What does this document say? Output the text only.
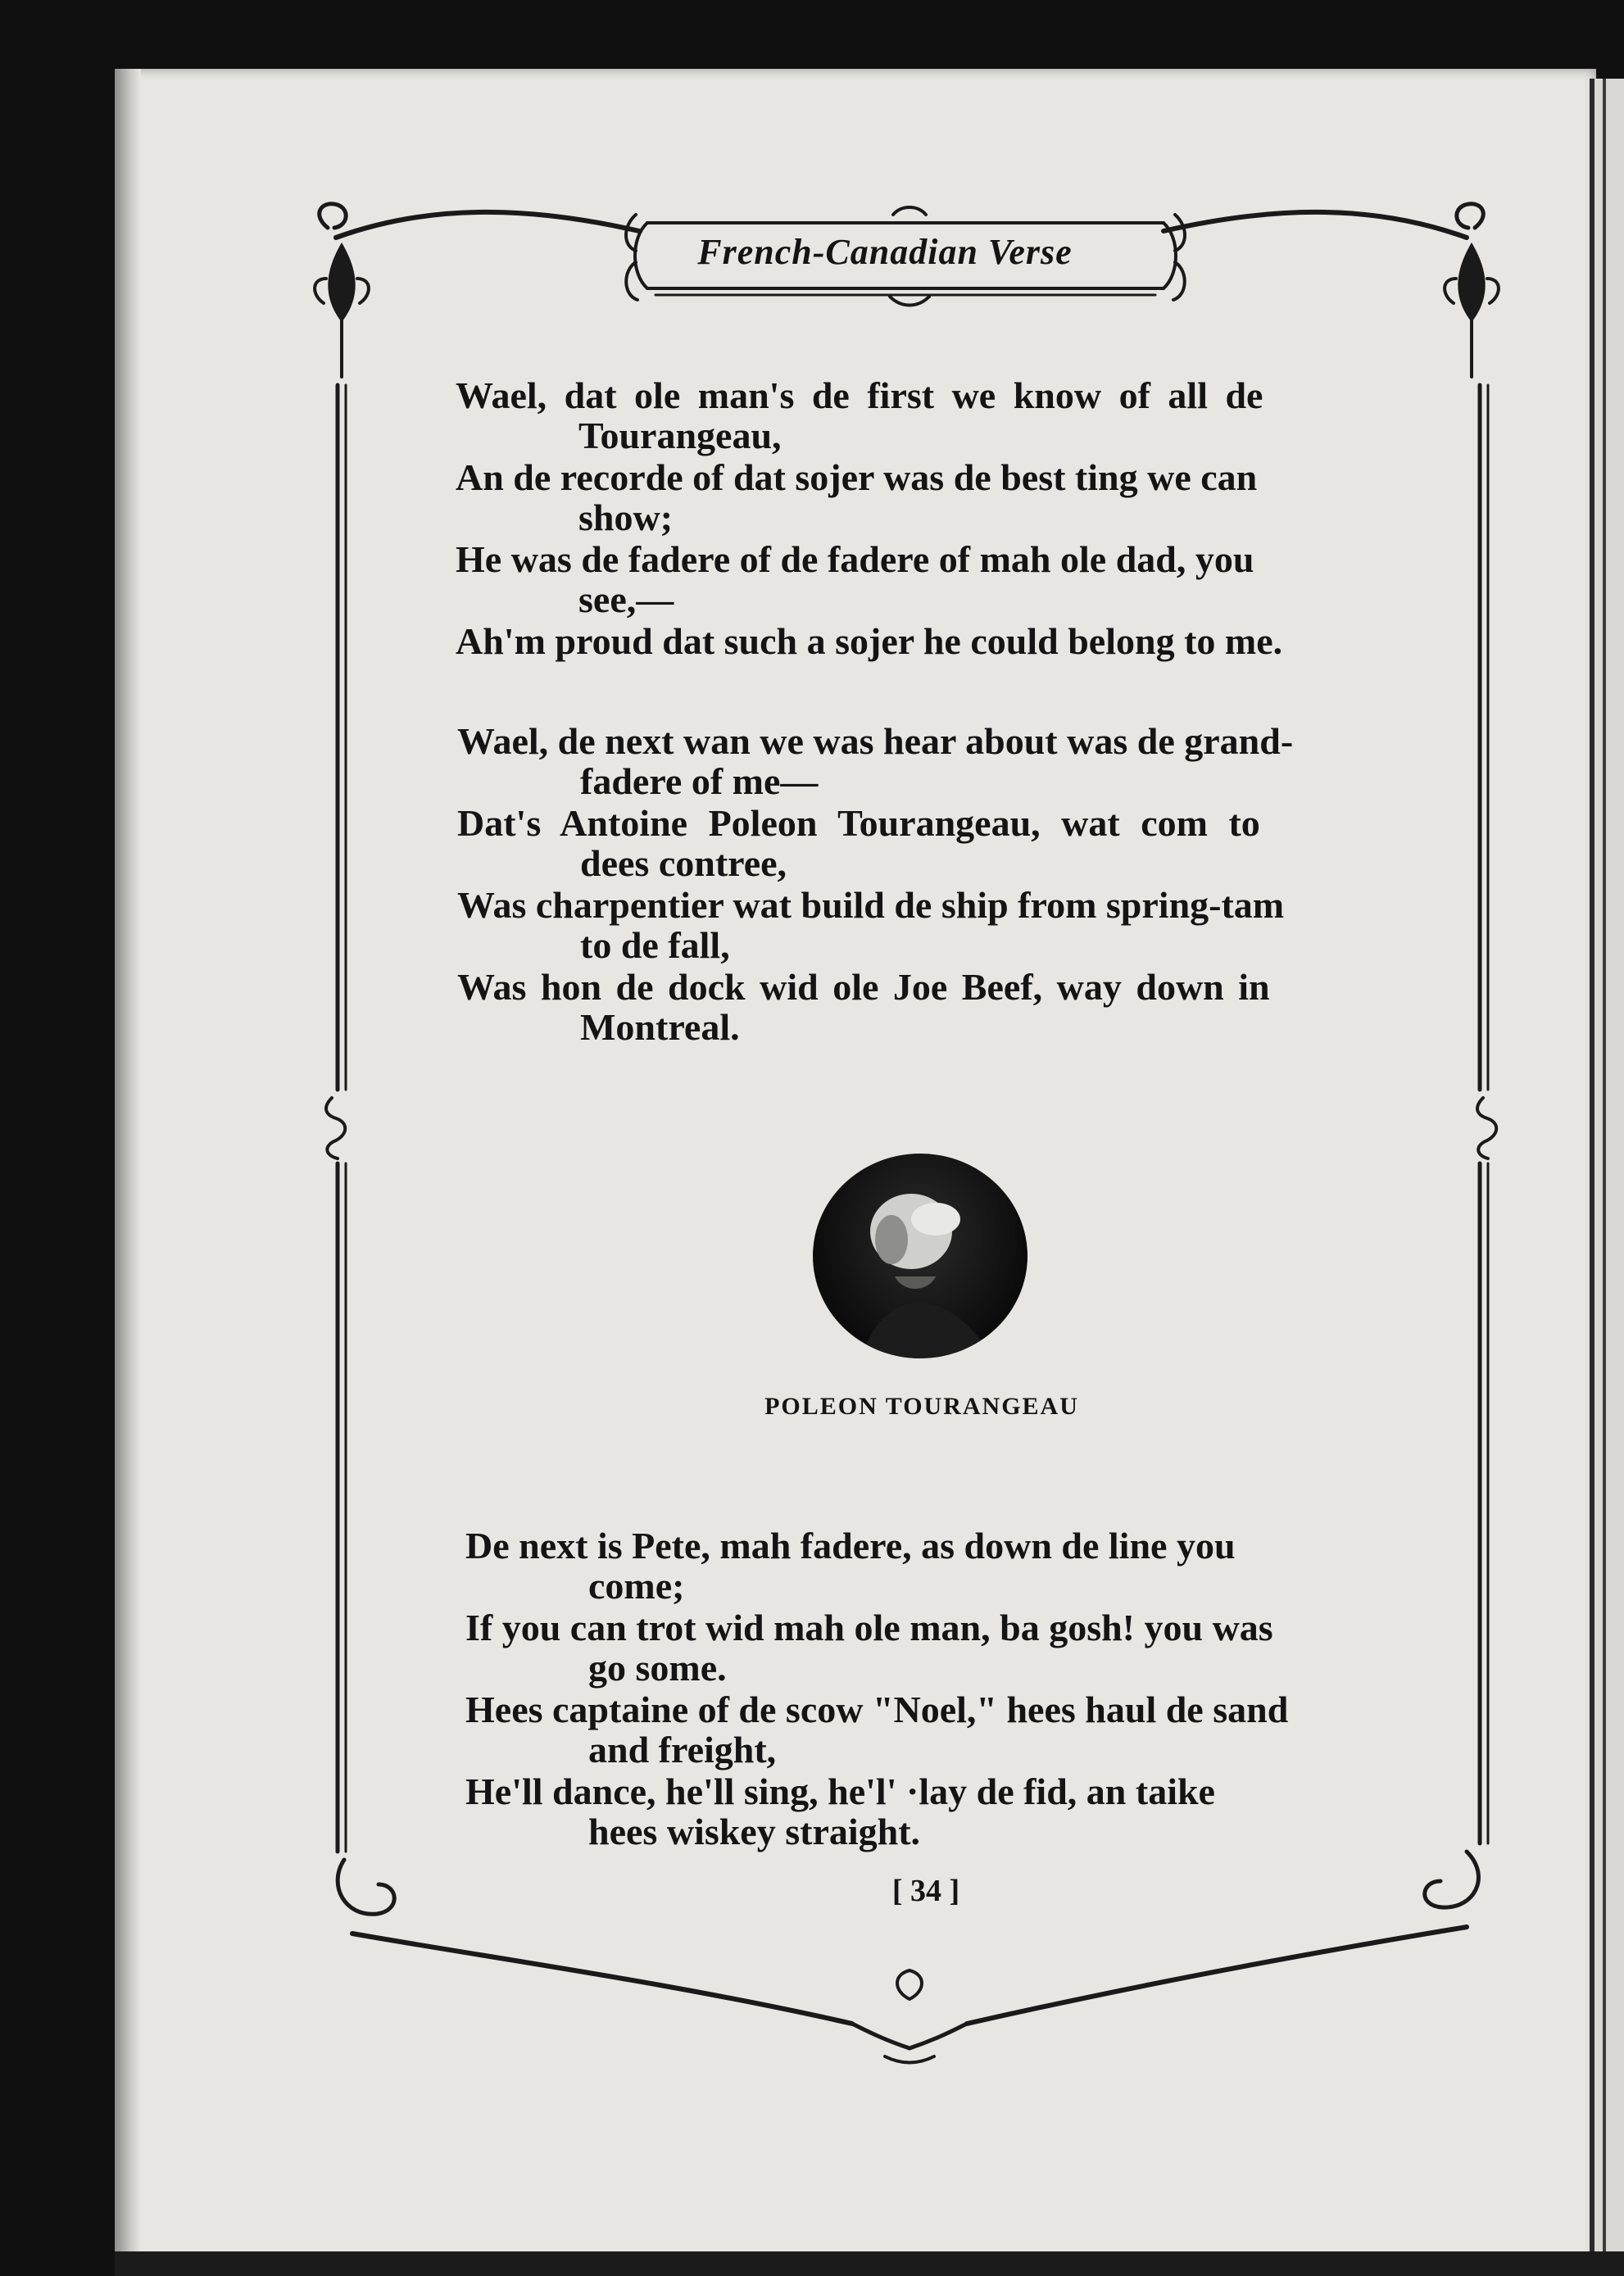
French-Canadian Verse
Wael, dat ole man's de first we know of all de
Tourangeau,
An de recorde of dat sojer was de best ting we can
show;
He was de fadere of de fadere of mah ole dad, you
see,—
Ah'm proud dat such a sojer he could belong to me.
Wael, de next wan we was hear about was de grand-
fadere of me—
Dat's Antoine Poleon Tourangeau, wat com to
dees contree,
Was charpentier wat build de ship from spring-tam
to de fall,
Was hon de dock wid ole Joe Beef, way down in
Montreal.
POLEON TOURANGEAU
De next is Pete, mah fadere, as down de line you
come;
If you can trot wid mah ole man, ba gosh! you was
go some.
Hees captaine of de scow "Noel," hees haul de sand
and freight,
He'll dance, he'll sing, he'l' ·lay de fid, an taike
hees wiskey straight.
[ 34 ]
